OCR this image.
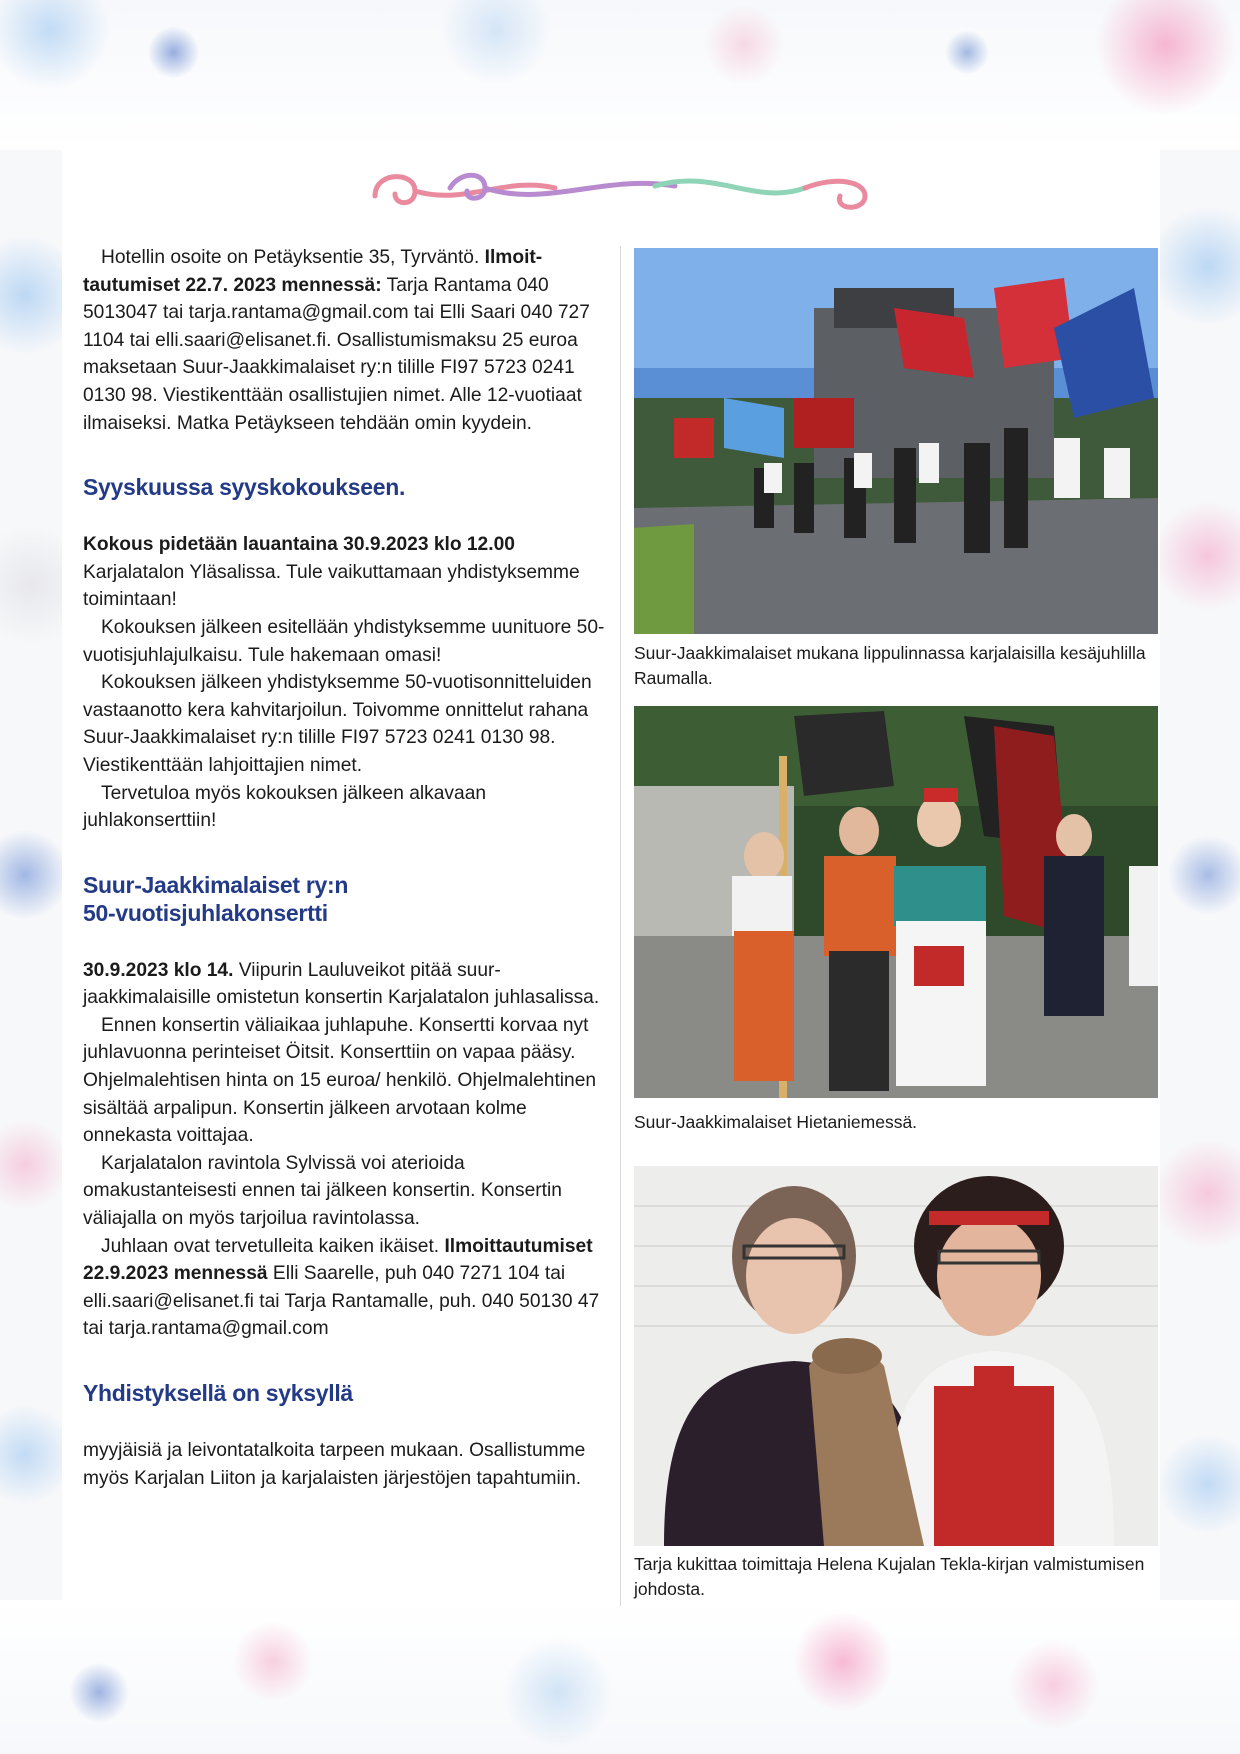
Hotellin osoite on Petäyksentie 35, Tyrväntö. Ilmoit-tautumiset 22.7. 2023 mennessä: Tarja Rantama 040 5013047 tai tarja.rantama@gmail.com tai Elli Saari 040 727 1104 tai elli.saari@elisanet.fi. Osallistumismaksu 25 euroa maksetaan Suur-Jaakkimalaiset ry:n tilille FI97 5723 0241 0130 98. Viestikenttään osallistujien nimet. Alle 12-vuotiaat ilmaiseksi. Matka Petäykseen tehdään omin kyydein.

Syyskuussa syyskokoukseen.

Kokous pidetään lauantaina 30.9.2023 klo 12.00
Karjalatalon Yläsalissa. Tule vaikuttamaan yhdistyksemme toimintaan!

Kokouksen jälkeen esitellään yhdistyksemme uunituore 50-vuotisjuhlajulkaisu. Tule hakemaan omasi!

Kokouksen jälkeen yhdistyksemme 50-vuotisonnitteluiden vastaanotto kera kahvitarjoilun. Toivomme onnittelut rahana Suur-Jaakkimalaiset ry:n tilille FI97 5723 0241 0130 98. Viestikenttään lahjoittajien nimet.

Tervetuloa myös kokouksen jälkeen alkavaan juhlakonserttiin!

Suur-Jaakkimalaiset ry:n
50-vuotisjuhlakonsertti

30.9.2023 klo 14. Viipurin Lauluveikot pitää suur-jaakkimalaisille omistetun konsertin Karjalatalon juhlasalissa.

Ennen konsertin väliaikaa juhlapuhe. Konsertti korvaa nyt juhlavuonna perinteiset Öitsit. Konserttiin on vapaa pääsy. Ohjelmalehtisen hinta on 15 euroa/ henkilö. Ohjelmalehtinen sisältää arpalipun. Konsertin jälkeen arvotaan kolme onnekasta voittajaa.

Karjalatalon ravintola Sylvissä voi aterioida omakustanteisesti ennen tai jälkeen konsertin. Konsertin väliajalla on myös tarjoilua ravintolassa.

Juhlaan ovat tervetulleita kaiken ikäiset. Ilmoittautumiset 22.9.2023 mennessä Elli Saarelle, puh 040 7271 104 tai elli.saari@elisanet.fi tai Tarja Rantamalle, puh. 040 50130 47 tai tarja.rantama@gmail.com

Yhdistyksellä on syksyllä

myyjäisiä ja leivontatalkoita tarpeen mukaan. Osallistumme myös Karjalan Liiton ja karjalaisten järjestöjen tapahtumiin.

Suur-Jaakkimalaiset mukana lippulinnassa karjalaisilla kesäjuhlilla Raumalla.
Suur-Jaakkimalaiset Hietaniemessä.
Tarja kukittaa toimittaja Helena Kujalan Tekla-kirjan valmistumisen johdosta.
